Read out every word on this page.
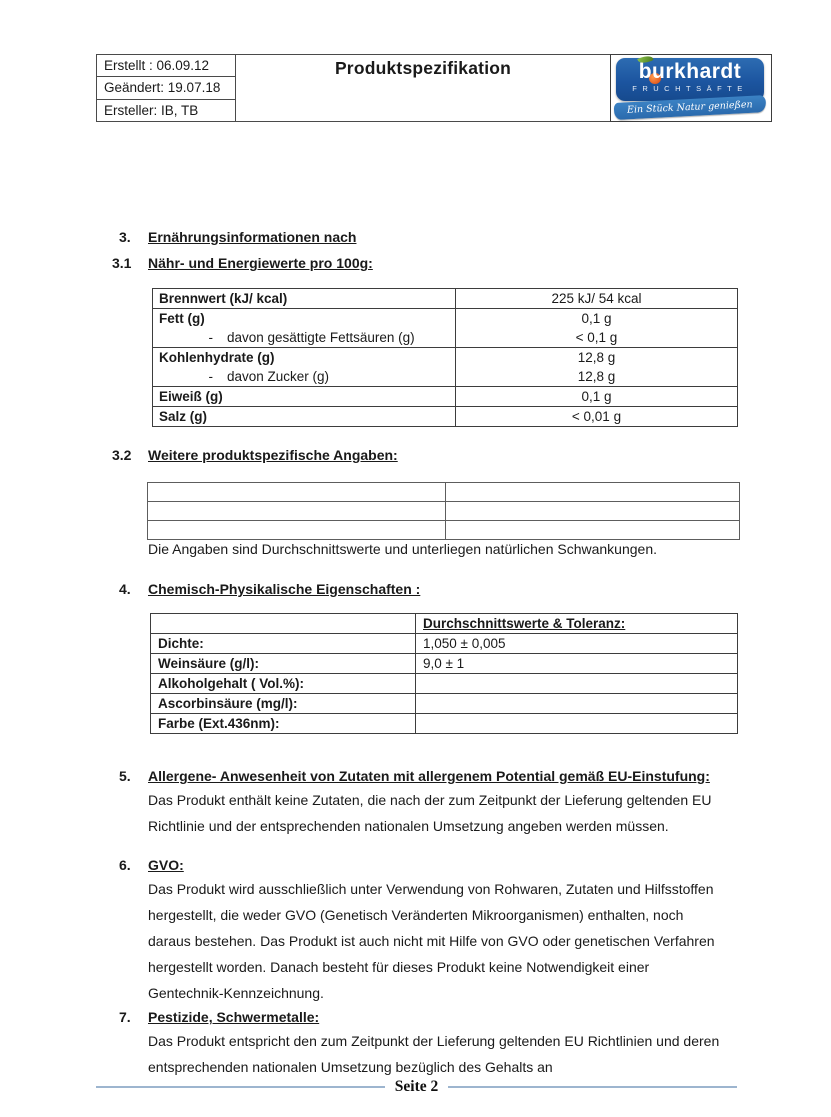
Erstellt : 06.09.12
Geändert: 19.07.18
Ersteller: IB, TB
Produktspezifikation	burkhardt
FRUCHTSÄFTE
Ein Stück Natur genießen
3. Ernährungsinformationen nach
3.1 Nähr- und Energiewerte pro 100g:
Brennwert (kJ/ kcal)	225 kJ/ 54 kcal
Fett (g)	0,1 g
- davon gesättigte Fettsäuren (g)	< 0,1 g
Kohlenhydrate (g)	12,8 g
- davon Zucker (g)	12,8 g
Eiweiß (g)	0,1 g
Salz (g)	< 0,01 g
3.2 Weitere produktspezifische Angaben:

Die Angaben sind Durchschnittswerte und unterliegen natürlichen Schwankungen.
4. Chemisch-Physikalische Eigenschaften :
	Durchschnittswerte & Toleranz:
Dichte:	1,050 ± 0,005
Weinsäure (g/l):	9,0 ± 1
Alkoholgehalt ( Vol.%):	
Ascorbinsäure (mg/l):	
Farbe (Ext.436nm):	
5. Allergene- Anwesenheit von Zutaten mit allergenem Potential gemäß EU-Einstufung:
Das Produkt enthält keine Zutaten, die nach der zum Zeitpunkt der Lieferung geltenden EU
Richtlinie und der entsprechenden nationalen Umsetzung angeben werden müssen.
6. GVO:
Das Produkt wird ausschließlich unter Verwendung von Rohwaren, Zutaten und Hilfsstoffen
hergestellt, die weder GVO (Genetisch Veränderten Mikroorganismen) enthalten, noch
daraus bestehen. Das Produkt ist auch nicht mit Hilfe von GVO oder genetischen Verfahren
hergestellt worden. Danach besteht für dieses Produkt keine Notwendigkeit einer
Gentechnik-Kennzeichnung.
7. Pestizide, Schwermetalle:
Das Produkt entspricht den zum Zeitpunkt der Lieferung geltenden EU Richtlinien und deren
entsprechenden nationalen Umsetzung bezüglich des Gehalts an
Seite 2
